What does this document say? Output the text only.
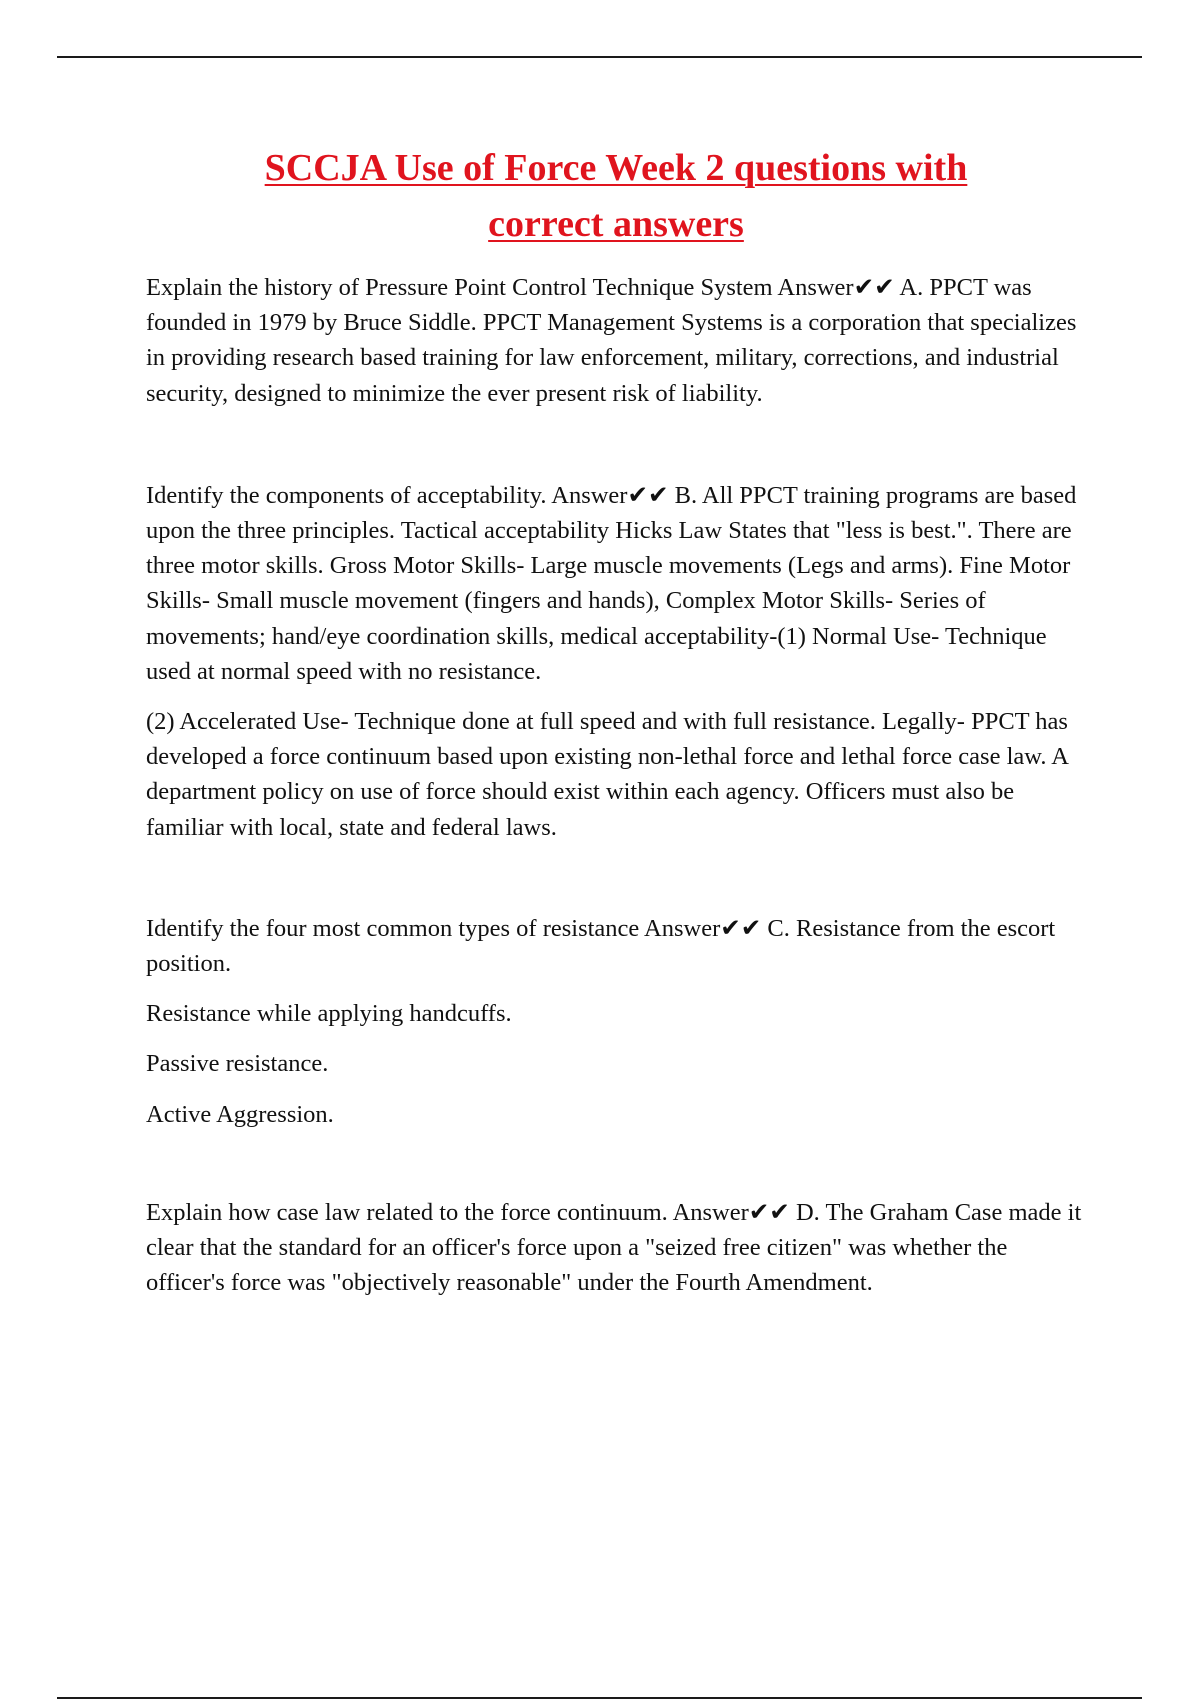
SCCJA Use of Force Week 2 questions with
correct answers

Explain the history of Pressure Point Control Technique System Answer✔✔ A. PPCT was founded in 1979 by Bruce Siddle. PPCT Management Systems is a corporation that specializes in providing research based training for law enforcement, military, corrections, and industrial security, designed to minimize the ever present risk of liability.

Identify the components of acceptability. Answer✔✔ B. All PPCT training programs are based upon the three principles. Tactical acceptability Hicks Law States that "less is best.". There are three motor skills. Gross Motor Skills- Large muscle movements (Legs and arms). Fine Motor Skills- Small muscle movement (fingers and hands), Complex Motor Skills- Series of movements; hand/eye coordination skills, medical acceptability-(1) Normal Use- Technique used at normal speed with no resistance.

(2) Accelerated Use- Technique done at full speed and with full resistance. Legally- PPCT has developed a force continuum based upon existing non-lethal force and lethal force case law. A department policy on use of force should exist within each agency. Officers must also be familiar with local, state and federal laws.

Identify the four most common types of resistance Answer✔✔ C. Resistance from the escort position.

Resistance while applying handcuffs.

Passive resistance.

Active Aggression.

Explain how case law related to the force continuum. Answer✔✔ D. The Graham Case made it clear that the standard for an officer's force upon a "seized free citizen" was whether the officer's force was "objectively reasonable" under the Fourth Amendment.
